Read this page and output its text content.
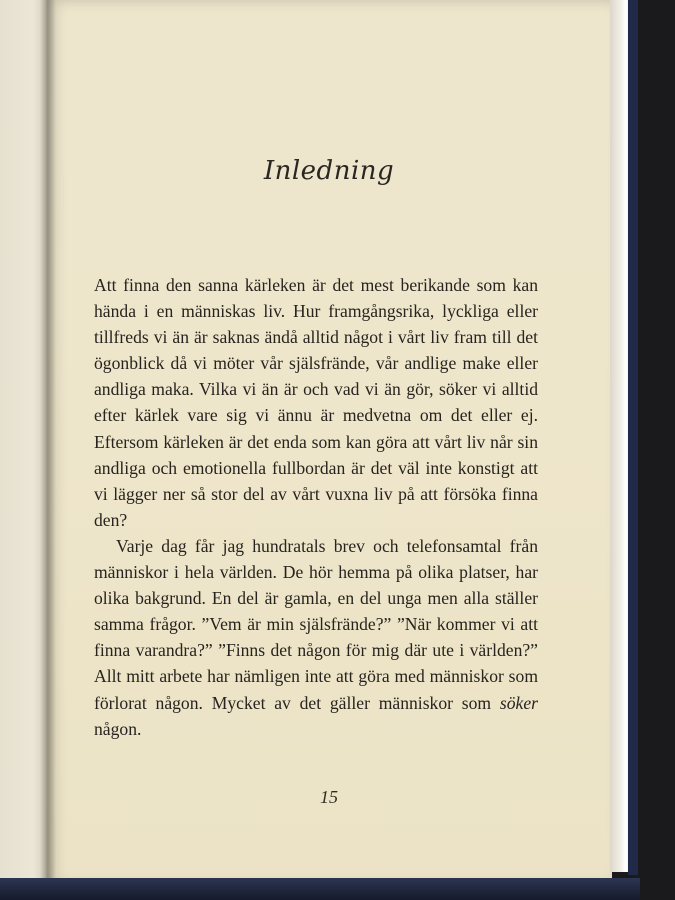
Inledning

Att finna den sanna kärleken är det mest berikande som kan hända i en människas liv. Hur framgångsrika, lyckliga eller tillfreds vi än är saknas ändå alltid något i vårt liv fram till det ögonblick då vi möter vår själsfrände, vår andlige make eller andliga maka. Vilka vi än är och vad vi än gör, söker vi alltid efter kärlek vare sig vi ännu är medvetna om det eller ej. Eftersom kärleken är det enda som kan göra att vårt liv når sin andliga och emotionella fullbordan är det väl inte konstigt att vi lägger ner så stor del av vårt vuxna liv på att försöka finna den?

Varje dag får jag hundratals brev och telefonsamtal från människor i hela världen. De hör hemma på olika platser, har olika bakgrund. En del är gamla, en del unga men alla ställer samma frågor. ”Vem är min själsfrände?” ”När kommer vi att finna varandra?” ”Finns det någon för mig där ute i världen?” Allt mitt arbete har nämligen inte att göra med människor som förlorat någon. Mycket av det gäller människor som söker någon.

15
